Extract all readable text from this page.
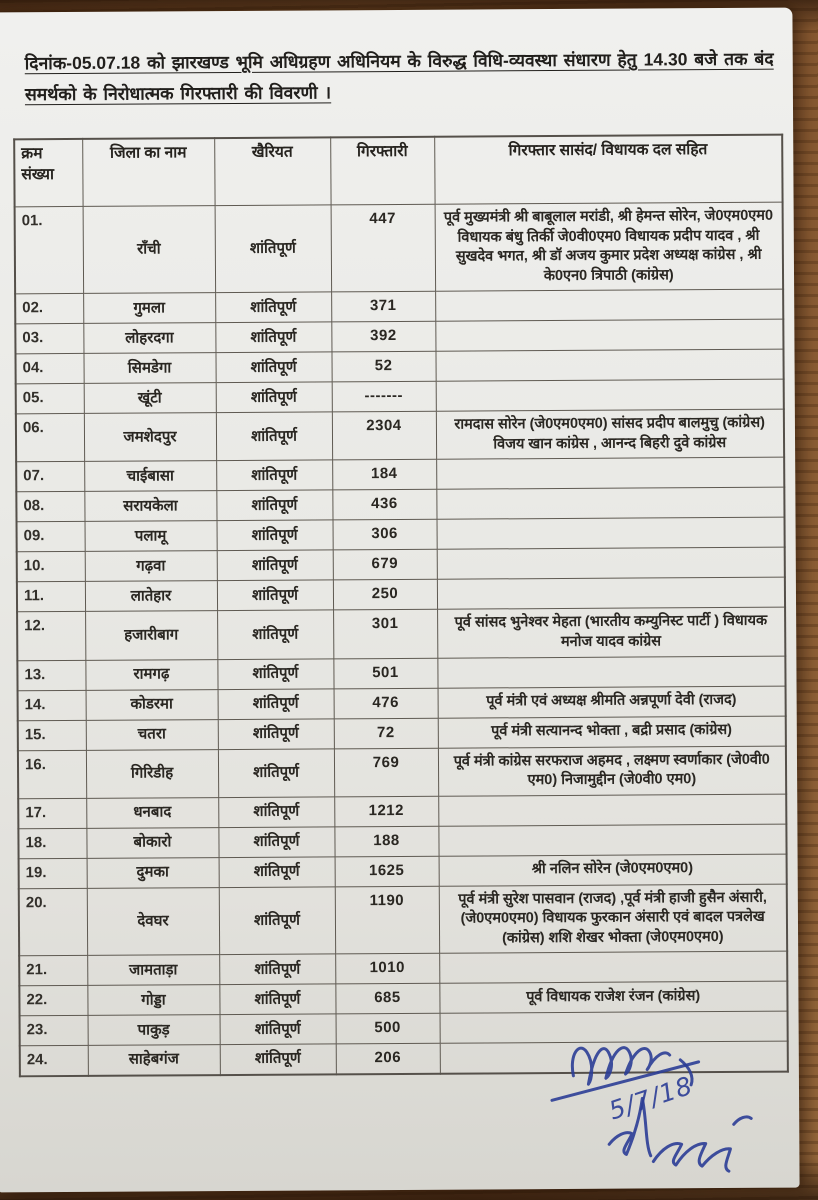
दिनांक-05.07.18 को झारखण्ड भूमि अधिग्रहण अधिनियम के विरुद्ध विधि-व्यवस्था संधारण हेतु 14.30 बजे तक बंद समर्थको के निरोधात्मक गिरफ्तारी की विवरणी ।
क्रम संख्या	जिला का नाम	खैरियत	गिरफ्तारी	गिरफ्तार सासंद/ विधायक दल सहित
01.	राँची	शांतिपूर्ण	447	पूर्व मुख्यमंत्री श्री बाबूलाल मरांडी, श्री हेमन्त सोरेन, जे0एम0एम0 विधायक बंधु तिर्की जे0वी0एम0 विधायक प्रदीप यादव , श्री सुखदेव भगत, श्री डॉ अजय कुमार प्रदेश अध्यक्ष कांग्रेस , श्री के0एन0 त्रिपाठी (कांग्रेस)
02.	गुमला	शांतिपूर्ण	371	
03.	लोहरदगा	शांतिपूर्ण	392	
04.	सिमडेगा	शांतिपूर्ण	52	
05.	खूंटी	शांतिपूर्ण	-------	
06.	जमशेदपुर	शांतिपूर्ण	2304	रामदास सोरेन (जे0एम0एम0) सांसद प्रदीप बालमुचु (कांग्रेस) विजय खान कांग्रेस , आनन्द बिहरी दुवे कांग्रेस
07.	चाईबासा	शांतिपूर्ण	184	
08.	सरायकेला	शांतिपूर्ण	436	
09.	पलामू	शांतिपूर्ण	306	
10.	गढ़वा	शांतिपूर्ण	679	
11.	लातेहार	शांतिपूर्ण	250	
12.	हजारीबाग	शांतिपूर्ण	301	पूर्व सांसद भुनेश्वर मेहता (भारतीय कम्युनिस्ट पार्टी ) विधायक मनोज यादव कांग्रेस
13.	रामगढ़	शांतिपूर्ण	501	
14.	कोडरमा	शांतिपूर्ण	476	पूर्व मंत्री एवं अध्यक्ष श्रीमति अन्नपूर्णा देवी (राजद)
15.	चतरा	शांतिपूर्ण	72	पूर्व मंत्री सत्यानन्द भोक्ता , बद्री प्रसाद (कांग्रेस)
16.	गिरिडीह	शांतिपूर्ण	769	पूर्व मंत्री कांग्रेस सरफराज अहमद , लक्ष्मण स्वर्णाकार (जे0वी0 एम0) निजामुद्दीन (जे0वी0 एम0)
17.	धनबाद	शांतिपूर्ण	1212	
18.	बोकारो	शांतिपूर्ण	188	
19.	दुमका	शांतिपूर्ण	1625	श्री नलिन सोरेन (जे0एम0एम0)
20.	देवघर	शांतिपूर्ण	1190	पूर्व मंत्री सुरेश पासवान (राजद) ,पूर्व मंत्री हाजी हुसैन अंसारी,(जे0एम0एम0) विधायक फुरकान अंसारी एवं बादल पत्रलेख (कांग्रेस) शशि शेखर भोक्ता (जे0एम0एम0)
21.	जामताड़ा	शांतिपूर्ण	1010	
22.	गोड्डा	शांतिपूर्ण	685	पूर्व विधायक राजेश रंजन (कांग्रेस)
23.	पाकुड़	शांतिपूर्ण	500	
24.	साहेबगंज	शांतिपूर्ण	206	
5/7/18
